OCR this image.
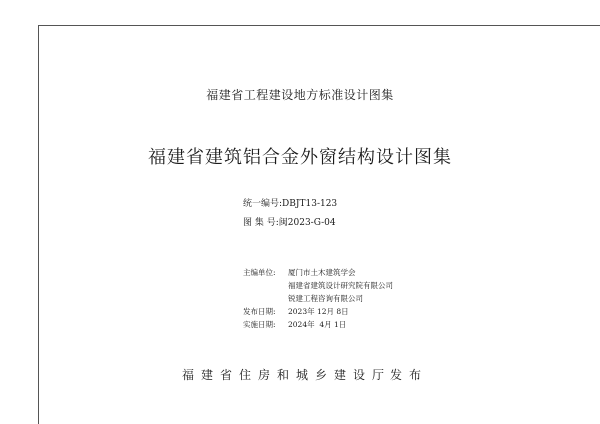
福建省工程建设地方标准设计图集
福建省建筑铝合金外窗结构设计图集
统一编号:DBJT13-123
图 集 号:闽2023-G-04
主编单位: 厦门市土木建筑学会
福建省建筑设计研究院有限公司
锐建工程咨询有限公司
发布日期: 2023年 12月 8日
实施日期: 2024年  4月 1日
福建省住房和城乡建设厅
发布
